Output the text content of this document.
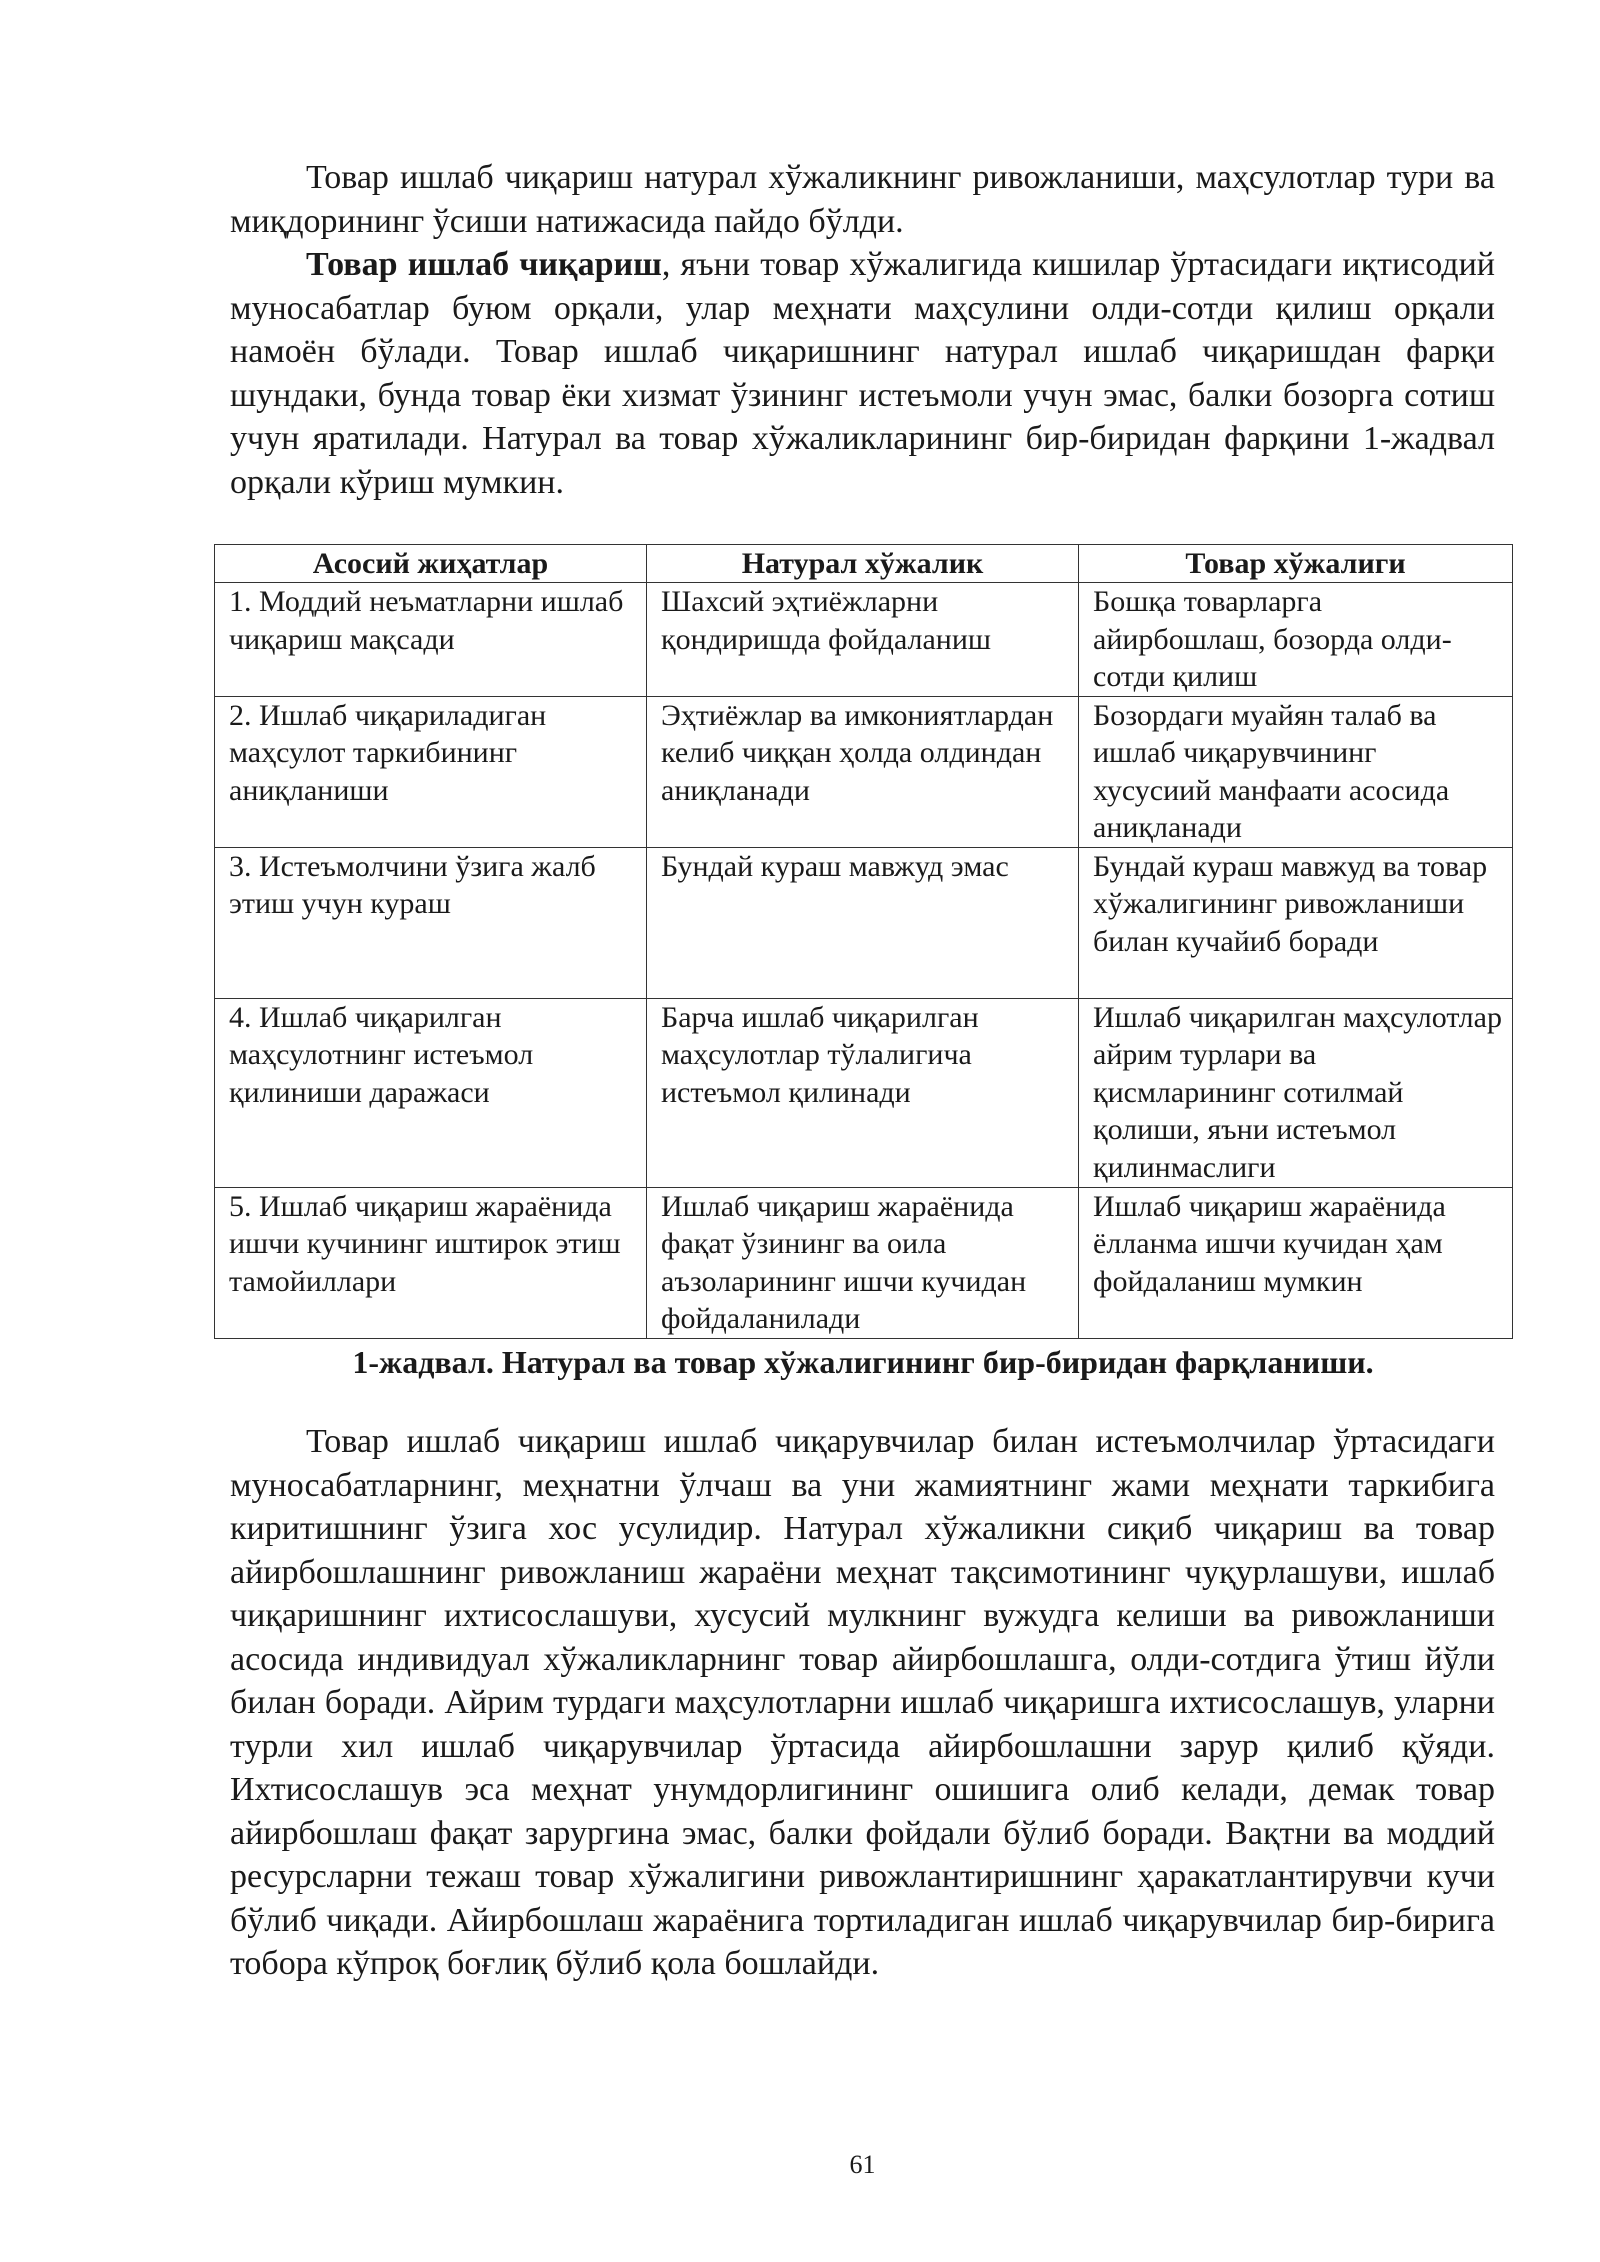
Товар ишлаб чиқариш натурал хўжаликнинг ривожланиши, маҳсулотлар тури ва миқдорининг ўсиши натижасида пайдо бўлди.

Товар ишлаб чиқариш, яъни товар хўжалигида кишилар ўртасидаги иқтисодий муносабатлар буюм орқали, улар меҳнати маҳсулини олди-сотди қилиш орқали намоён бўлади. Товар ишлаб чиқаришнинг натурал ишлаб чиқаришдан фарқи шундаки, бунда товар ёки хизмат ўзининг истеъмоли учун эмас, балки бозорга сотиш учун яратилади. Натурал ва товар хўжаликларининг бир-биридан фарқини 1-жадвал орқали кўриш мумкин.

Асосий жиҳатлар	Натурал хўжалик	Товар хўжалиги
1. Моддий неъматларни ишлаб чиқариш мақсади	Шахсий эҳтиёжларни қондиришда фойдаланиш	Бошқа товарларга айирбошлаш, бозорда олди-сотди қилиш
2. Ишлаб чиқариладиган маҳсулот таркибининг аниқланиши	Эҳтиёжлар ва имкониятлардан келиб чиққан ҳолда олдиндан аниқланади	Бозордаги муайян талаб ва ишлаб чиқарувчининг хусусиий манфаати асосида аниқланади
3. Истеъмолчини ўзига жалб этиш учун кураш	Бундай кураш мавжуд эмас	Бундай кураш мавжуд ва товар хўжалигининг ривожланиши билан кучайиб боради
4. Ишлаб чиқарилган маҳсулотнинг истеъмол қилиниши даражаси	Барча ишлаб чиқарилган маҳсулотлар тўлалигича истеъмол қилинади	Ишлаб чиқарилган маҳсулотлар айрим турлари ва қисмларининг сотилмай қолиши, яъни истеъмол қилинмаслиги
5. Ишлаб чиқариш жараёнида ишчи кучининг иштирок этиш тамойиллари	Ишлаб чиқариш жараёнида фақат ўзининг ва оила аъзоларининг ишчи кучидан фойдаланилади	Ишлаб чиқариш жараёнида ёлланма ишчи кучидан ҳам фойдаланиш мумкин
1-жадвал. Натурал ва товар хўжалигининг бир-биридан фарқланиши.

Товар ишлаб чиқариш ишлаб чиқарувчилар билан истеъмолчилар ўртасидаги муносабатларнинг, меҳнатни ўлчаш ва уни жамиятнинг жами меҳнати таркибига киритишнинг ўзига хос усулидир. Натурал хўжаликни сиқиб чиқариш ва товар айирбошлашнинг ривожланиш жараёни меҳнат тақсимотининг чуқурлашуви, ишлаб чиқаришнинг ихтисослашуви, хусусий мулкнинг вужудга келиши ва ривожланиши асосида индивидуал хўжаликларнинг товар айирбошлашга, олди-сотдига ўтиш йўли билан боради. Айрим турдаги маҳсулотларни ишлаб чиқаришга ихтисослашув, уларни турли хил ишлаб чиқарувчилар ўртасида айирбошлашни зарур қилиб қўяди. Ихтисослашув эса меҳнат унумдорлигининг ошишига олиб келади, демак товар айирбошлаш фақат зарургина эмас, балки фойдали бўлиб боради. Вақтни ва моддий ресурсларни тежаш товар хўжалигини ривожлантиришнинг ҳаракатлантирувчи кучи бўлиб чиқади. Айирбошлаш жараёнига тортиладиган ишлаб чиқарувчилар бир-бирига тобора кўпроқ боғлиқ бўлиб қола бошлайди.

61
